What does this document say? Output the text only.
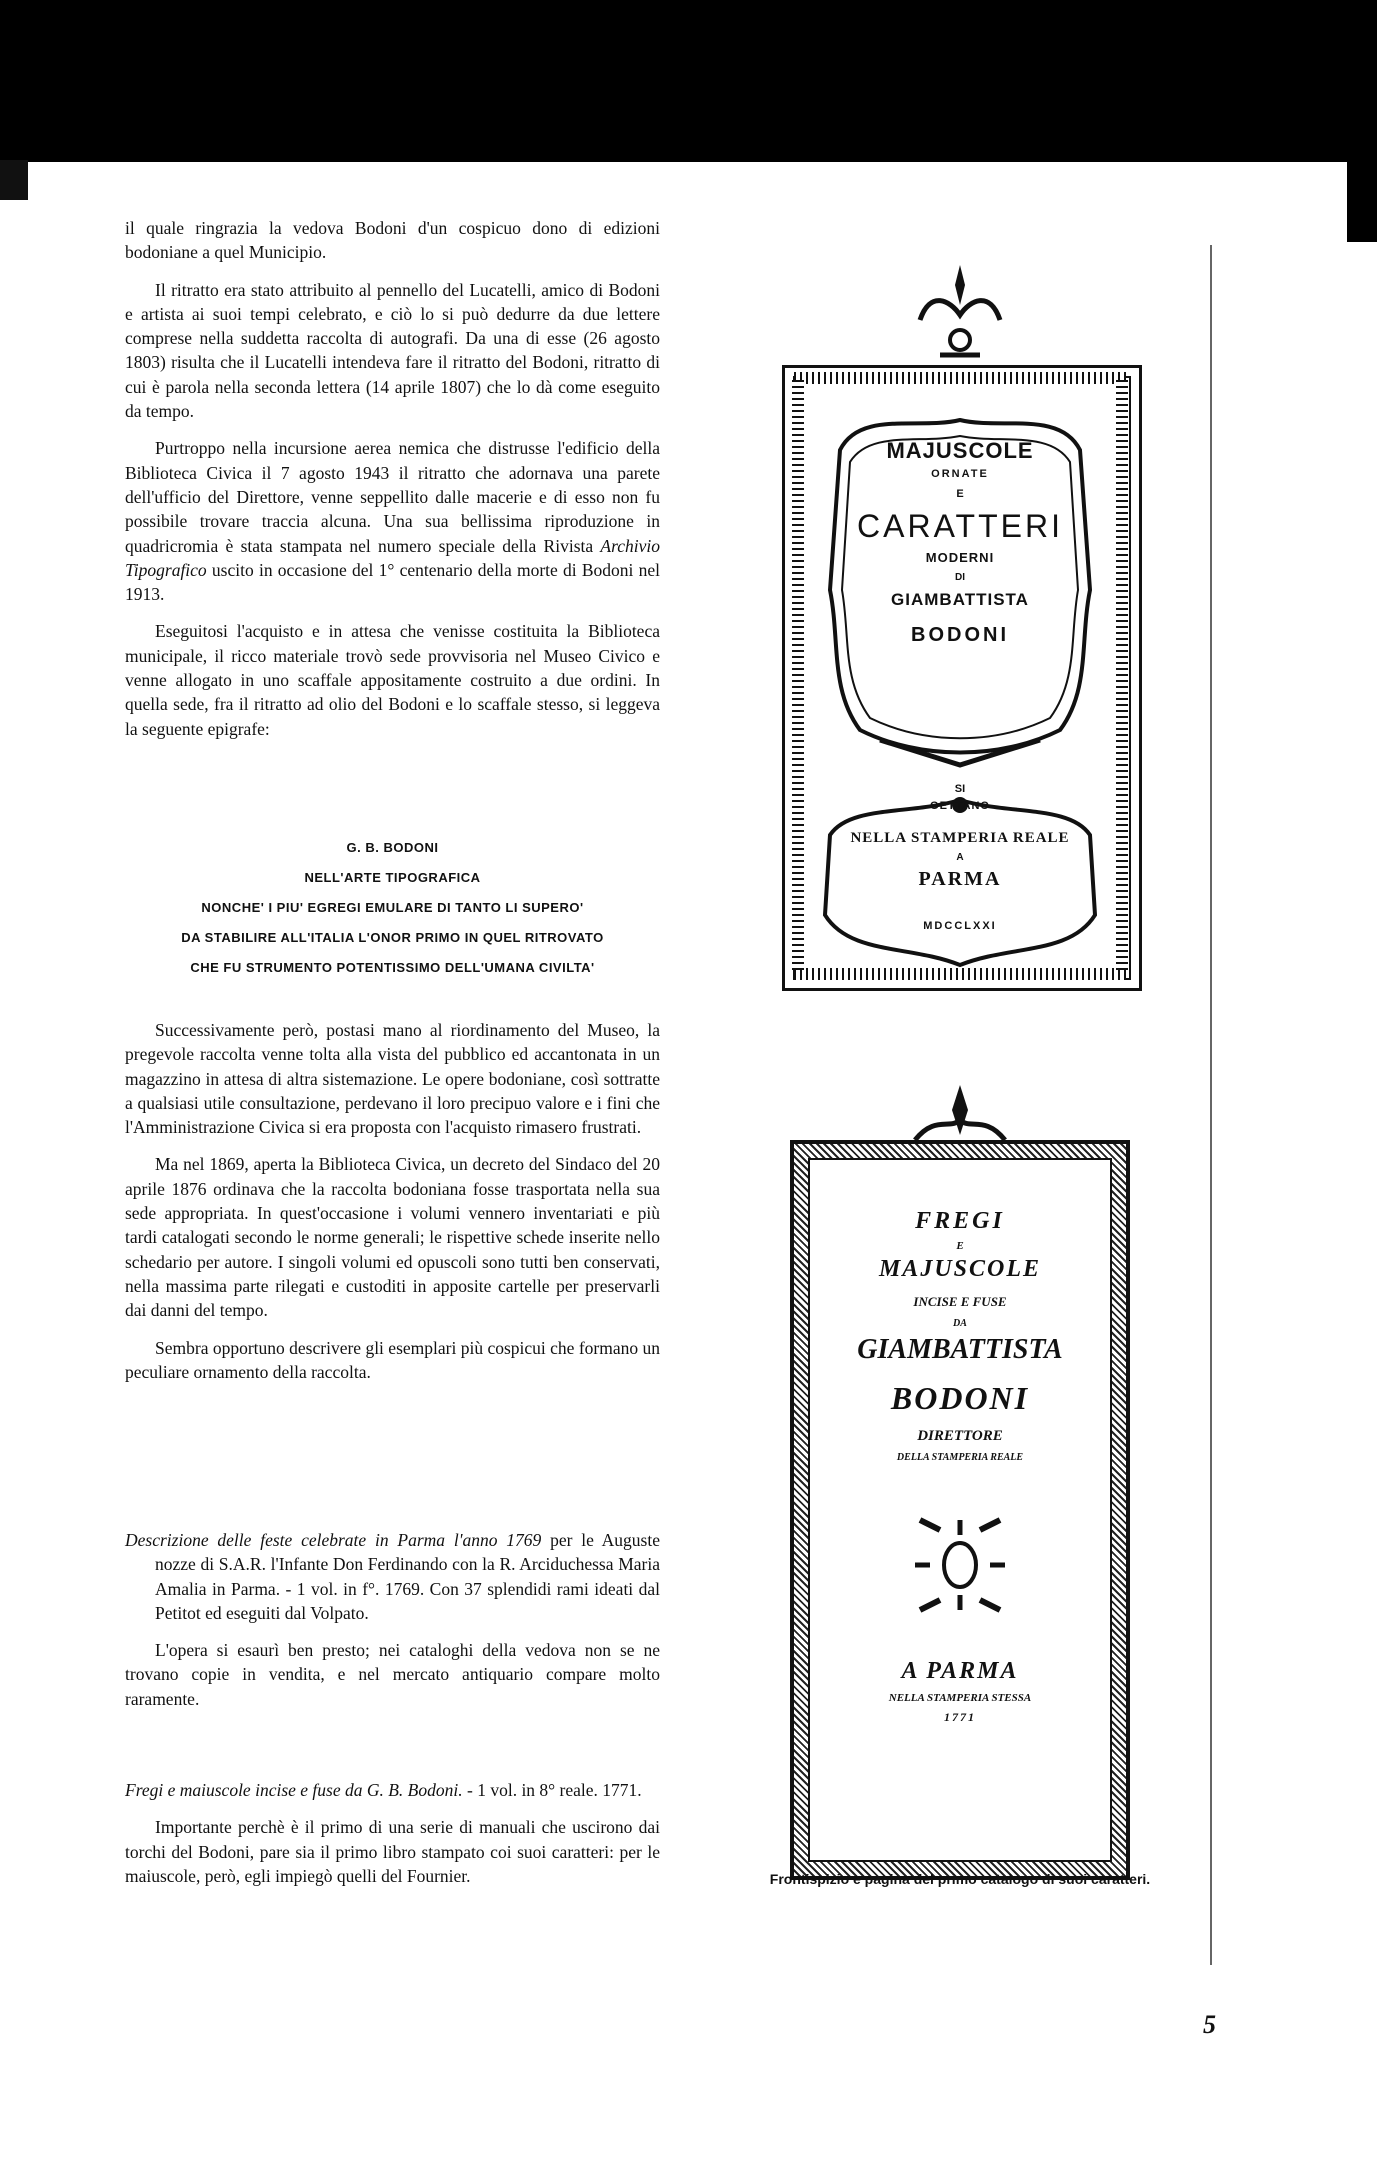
il quale ringrazia la vedova Bodoni d'un cospicuo dono di edizioni bodoniane a quel Municipio.

Il ritratto era stato attribuito al pennello del Lucatelli, amico di Bodoni e artista ai suoi tempi celebrato, e ciò lo si può dedurre da due lettere comprese nella suddetta raccolta di autografi. Da una di esse (26 agosto 1803) risulta che il Lucatelli intendeva fare il ritratto del Bodoni, ritratto di cui è parola nella seconda lettera (14 aprile 1807) che lo dà come eseguito da tempo.

Purtroppo nella incursione aerea nemica che distrusse l'edificio della Biblioteca Civica il 7 agosto 1943 il ritratto che adornava una parete dell'ufficio del Direttore, venne seppellito dalle macerie e di esso non fu possibile trovare traccia alcuna. Una sua bellissima riproduzione in quadricromia è stata stampata nel numero speciale della Rivista Archivio Tipografico uscito in occasione del 1° centenario della morte di Bodoni nel 1913.

Eseguitosi l'acquisto e in attesa che venisse costituita la Biblioteca municipale, il ricco materiale trovò sede provvisoria nel Museo Civico e venne allogato in uno scaffale appositamente costruito a due ordini. In quella sede, fra il ritratto ad olio del Bodoni e lo scaffale stesso, si leggeva la seguente epigrafe:

G. B. BODONI
NELL'ARTE TIPOGRAFICA
NONCHE' I PIU' EGREGI EMULARE DI TANTO LI SUPERO'
DA STABILIRE ALL'ITALIA L'ONOR PRIMO IN QUEL RITROVATO
CHE FU STRUMENTO POTENTISSIMO DELL'UMANA CIVILTA'

Successivamente però, postasi mano al riordinamento del Museo, la pregevole raccolta venne tolta alla vista del pubblico ed accantonata in un magazzino in attesa di altra sistemazione. Le opere bodoniane, così sottratte a qualsiasi utile consultazione, perdevano il loro precipuo valore e i fini che l'Amministrazione Civica si era proposta con l'acquisto rimasero frustrati.

Ma nel 1869, aperta la Biblioteca Civica, un decreto del Sindaco del 20 aprile 1876 ordinava che la raccolta bodoniana fosse trasportata nella sua sede appropriata. In quest'occasione i volumi vennero inventariati e più tardi catalogati secondo le norme generali; le rispettive schede inserite nello schedario per autore. I singoli volumi ed opuscoli sono tutti ben conservati, nella massima parte rilegati e custoditi in apposite cartelle per preservarli dai danni del tempo.

Sembra opportuno descrivere gli esemplari più cospicui che formano un peculiare ornamento della raccolta.

Descrizione delle feste celebrate in Parma l'anno 1769 per le Auguste nozze di S.A.R. l'Infante Don Ferdinando con la R. Arciduchessa Maria Amalia in Parma. - 1 vol. in f°. 1769. Con 37 splendidi rami ideati dal Petitot ed eseguiti dal Volpato.

L'opera si esaurì ben presto; nei cataloghi della vedova non se ne trovano copie in vendita, e nel mercato antiquario compare molto raramente.

Fregi e maiuscole incise e fuse da G. B. Bodoni. - 1 vol. in 8° reale. 1771.

Importante perchè è il primo di una serie di manuali che uscirono dai torchi del Bodoni, pare sia il primo libro stampato coi suoi caratteri: per le maiuscole, però, egli impiegò quelli del Fournier.

MAJUSCOLE
ORNATE
E
CARATTERI
MODERNI
DI
GIAMBATTISTA
BODONI
SI
GETTANO
NELLA STAMPERIA REALE
A
PARMA
MDCCLXXI
FREGI
E
MAJUSCOLE
INCISE E FUSE
DA
GIAMBATTISTA
BODONI
DIRETTORE
DELLA STAMPERIA REALE
A PARMA
NELLA STAMPERIA STESSA
1771
Frontispizio e pagina del primo catalogo di suoi caratteri.
5
